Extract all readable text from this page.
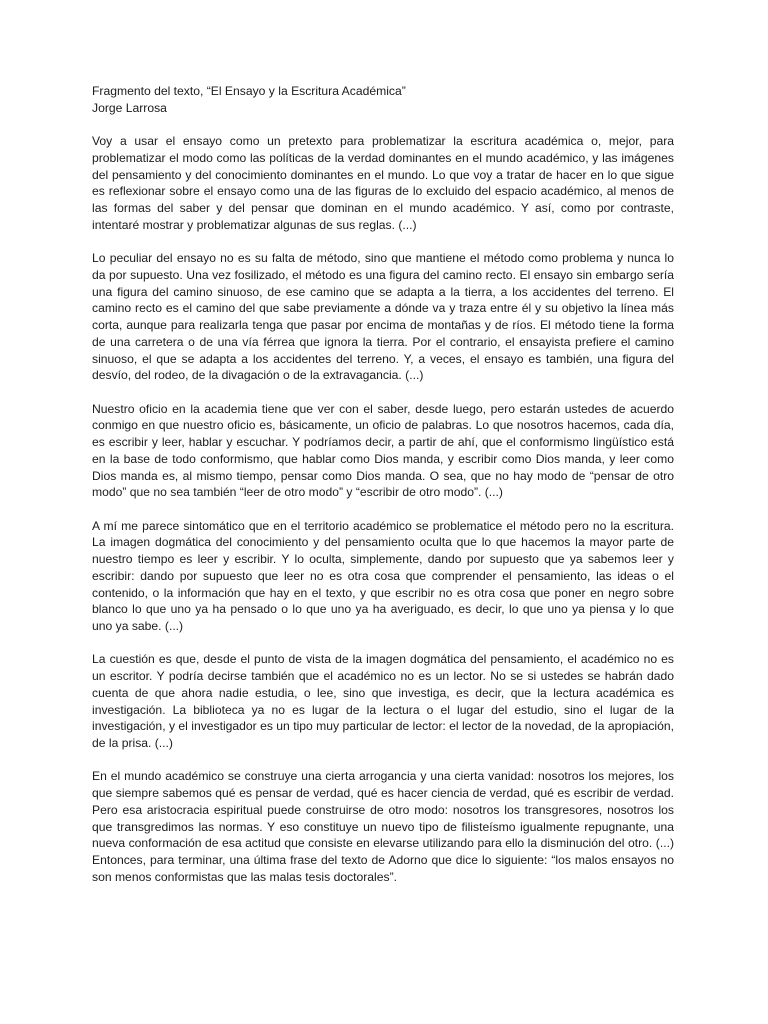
Fragmento del texto, “El Ensayo y la Escritura Académica”

Jorge Larrosa

Voy a usar el ensayo como un pretexto para problematizar la escritura académica o, mejor, para problematizar el modo como las políticas de la verdad dominantes en el mundo académico, y las imágenes del pensamiento y del conocimiento dominantes en el mundo. Lo que voy a tratar de hacer en lo que sigue es reflexionar sobre el ensayo como una de las figuras de lo excluido del espacio académico, al menos de las formas del saber y del pensar que dominan en el mundo académico. Y así, como por contraste, intentaré mostrar y problematizar algunas de sus reglas. (...)

Lo peculiar del ensayo no es su falta de método, sino que mantiene el método como problema y nunca lo da por supuesto. Una vez fosilizado, el método es una figura del camino recto. El ensayo sin embargo sería una figura del camino sinuoso, de ese camino que se adapta a la tierra, a los accidentes del terreno. El camino recto es el camino del que sabe previamente a dónde va y traza entre él y su objetivo la línea más corta, aunque para realizarla tenga que pasar por encima de montañas y de ríos. El método tiene la forma de una carretera o de una vía férrea que ignora la tierra. Por el contrario, el ensayista prefiere el camino sinuoso, el que se adapta a los accidentes del terreno. Y, a veces, el ensayo es también, una figura del desvío, del rodeo, de la divagación o de la extravagancia. (...)

Nuestro oficio en la academia tiene que ver con el saber, desde luego, pero estarán ustedes de acuerdo conmigo en que nuestro oficio es, básicamente, un oficio de palabras. Lo que nosotros hacemos, cada día, es escribir y leer, hablar y escuchar. Y podríamos decir, a partir de ahí, que el conformismo lingüístico está en la base de todo conformismo, que hablar como Dios manda, y escribir como Dios manda, y leer como Dios manda es, al mismo tiempo, pensar como Dios manda. O sea, que no hay modo de “pensar de otro modo” que no sea también “leer de otro modo” y “escribir de otro modo”. (...)

A mí me parece sintomático que en el territorio académico se problematice el método pero no la escritura. La imagen dogmática del conocimiento y del pensamiento oculta que lo que hacemos la mayor parte de nuestro tiempo es leer y escribir. Y lo oculta, simplemente, dando por supuesto que ya sabemos leer y escribir: dando por supuesto que leer no es otra cosa que comprender el pensamiento, las ideas o el contenido, o la información que hay en el texto, y que escribir no es otra cosa que poner en negro sobre blanco lo que uno ya ha pensado o lo que uno ya ha averiguado, es decir, lo que uno ya piensa y lo que uno ya sabe. (...)

La cuestión es que, desde el punto de vista de la imagen dogmática del pensamiento, el académico no es un escritor. Y podría decirse también que el académico no es un lector. No se si ustedes se habrán dado cuenta de que ahora nadie estudia, o lee, sino que investiga, es decir, que la lectura académica es investigación. La biblioteca ya no es lugar de la lectura o el lugar del estudio, sino el lugar de la investigación, y el investigador es un tipo muy particular de lector: el lector de la novedad, de la apropiación, de la prisa. (...)

En el mundo académico se construye una cierta arrogancia y una cierta vanidad: nosotros los mejores, los que siempre sabemos qué es pensar de verdad, qué es hacer ciencia de verdad, qué es escribir de verdad. Pero esa aristocracia espiritual puede construirse de otro modo: nosotros los transgresores, nosotros los que transgredimos las normas. Y eso constituye un nuevo tipo de filisteísmo igualmente repugnante, una nueva conformación de esa actitud que consiste en elevarse utilizando para ello la disminución del otro. (...) Entonces, para terminar, una última frase del texto de Adorno que dice lo siguiente: “los malos ensayos no son menos conformistas que las malas tesis doctorales”.
